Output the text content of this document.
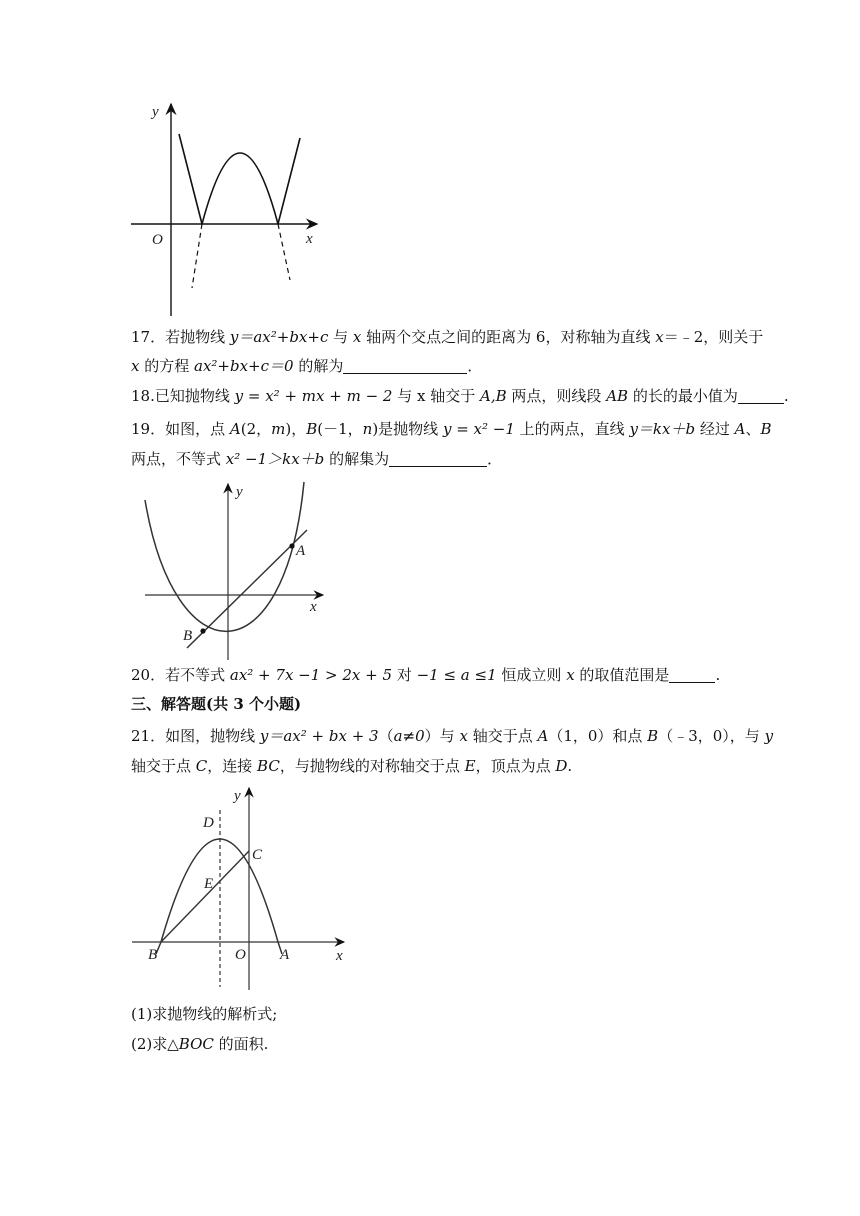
y
x
O
17．若抛物线 y＝ax²+bx+c 与 x 轴两个交点之间的距离为 6，对称轴为直线 x＝﹣2，则关于
x 的方程 ax²+bx+c＝0 的解为	．
18.已知抛物线 y = x² + mx + m − 2 与 x 轴交于 A,B 两点，则线段 AB 的长的最小值为	.
19．如图，点 A(2，m)，B(－1，n)是抛物线 y = x² −1 上的两点，直线 y＝kx＋b 经过 A、B
两点，不等式 x² −1＞kx＋b 的解集为	．
y
x
A
B
20．若不等式 ax² + 7x −1 > 2x + 5 对 −1 ≤ a ≤1 恒成立则 x 的取值范围是	.
三、解答题(共 3 个小题)
21．如图，抛物线 y＝ax² + bx + 3（a≠0）与 x 轴交于点 A（1，0）和点 B（﹣3，0），与 y
轴交于点 C，连接 BC，与抛物线的对称轴交于点 E，顶点为点 D.
y
x
O A
B
C
D
E
(1)求抛物线的解析式;
(2)求△BOC 的面积.
